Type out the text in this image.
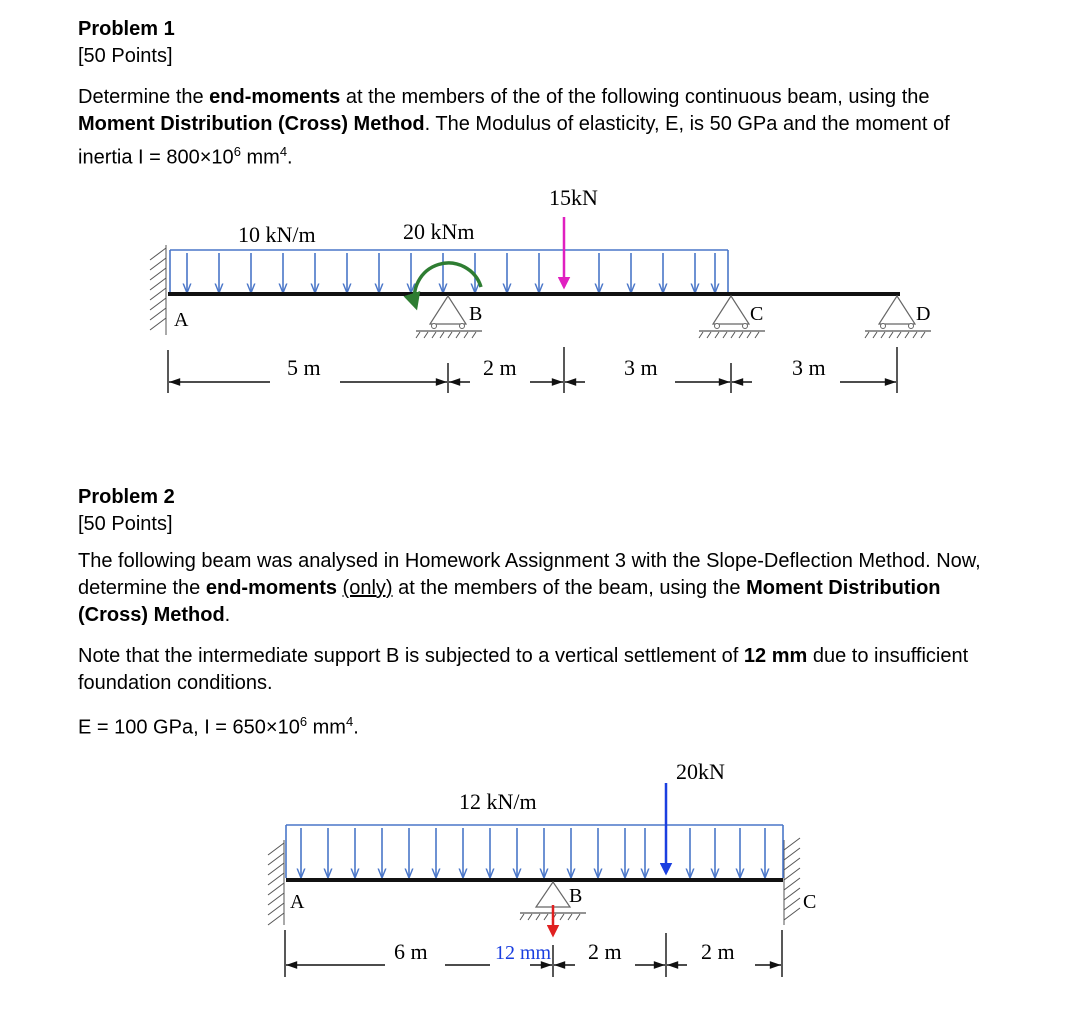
Problem 1
[50 Points]

Determine the end-moments at the members of the of the following continuous beam, using the Moment Distribution (Cross) Method. The Modulus of elasticity, E, is 50 GPa and the moment of inertia $I = 800\times 10^6$ $mm^4$.

10 kN/m	20 kNm
15kN
A	B	C	D
5 m	2 m	3 m	3 m
Problem 2
[50 Points]

The following beam was analysed in Homework Assignment 3 with the Slope-Deflection Method. Now, determine the end-moments (only) at the members of the beam, using the Moment Distribution (Cross) Method.

Note that the intermediate support B is subjected to a vertical settlement of 12 mm due to insufficient foundation conditions.

E = 100 GPa, $I = 650\times 10^6$ $mm^4$.

12 kN/m
20kN
A	B	C
6 m	12 mm 2 m	2 m
